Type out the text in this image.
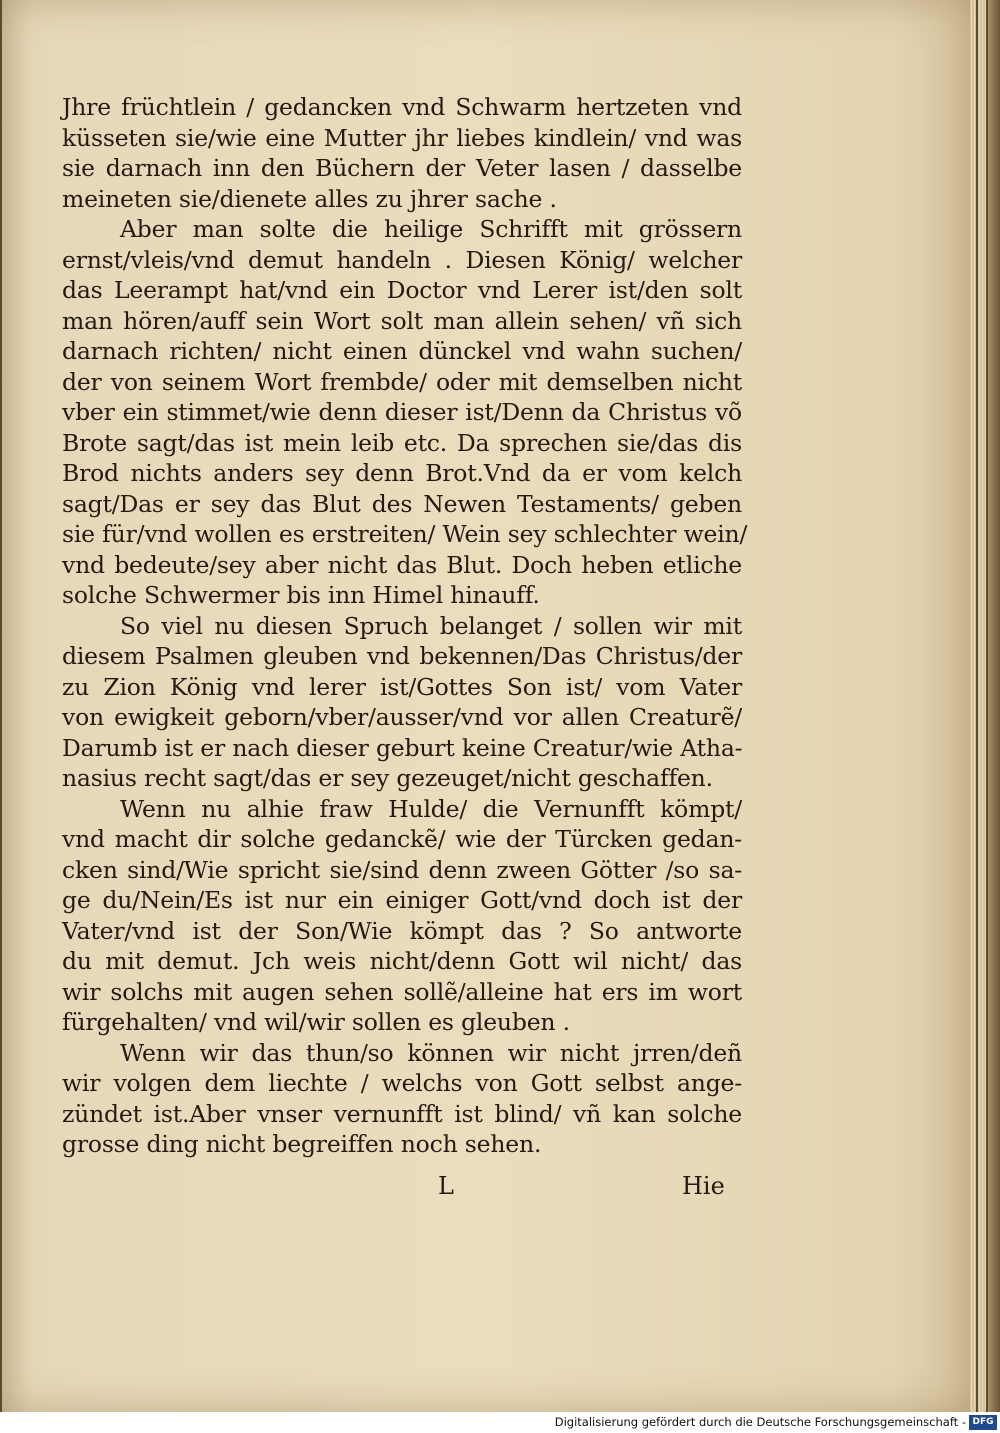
Jhre früchtlein / gedancken vnd Schwarm hertzeten vnd
küsseten sie/wie eine Mutter jhr liebes kindlein/ vnd was
sie darnach inn den Büchern der Veter lasen / dasselbe
meineten sie/dienete alles zu jhrer sache .
Aber man solte die heilige Schrifft mit grössern
ernst/vleis/vnd demut handeln . Diesen König/ welcher
das Leerampt hat/vnd ein Doctor vnd Lerer ist/den solt
man hören/auff sein Wort solt man allein sehen/ vñ sich
darnach richten/ nicht einen dünckel vnd wahn suchen/
der von seinem Wort frembde/ oder mit demselben nicht
vber ein stimmet/wie denn dieser ist/Denn da Christus võ
Brote sagt/das ist mein leib etc. Da sprechen sie/das dis
Brod nichts anders sey denn Brot.Vnd da er vom kelch
sagt/Das er sey das Blut des Newen Testaments/ geben
sie für/vnd wollen es erstreiten/ Wein sey schlechter wein/
vnd bedeute/sey aber nicht das Blut. Doch heben etliche
solche Schwermer bis inn Himel hinauff.
So viel nu diesen Spruch belanget / sollen wir mit
diesem Psalmen gleuben vnd bekennen/Das Christus/der
zu Zion König vnd lerer ist/Gottes Son ist/ vom Vater
von ewigkeit geborn/vber/ausser/vnd vor allen Creaturẽ/
Darumb ist er nach dieser geburt keine Creatur/wie Atha-
nasius recht sagt/das er sey gezeuget/nicht geschaffen.
Wenn nu alhie fraw Hulde/ die Vernunfft kömpt/
vnd macht dir solche gedanckẽ/ wie der Türcken gedan-
cken sind/Wie spricht sie/sind denn zween Götter /so sa-
ge du/Nein/Es ist nur ein einiger Gott/vnd doch ist der
Vater/vnd ist der Son/Wie kömpt das ? So antworte
du mit demut. Jch weis nicht/denn Gott wil nicht/ das
wir solchs mit augen sehen sollẽ/alleine hat ers im wort
fürgehalten/ vnd wil/wir sollen es gleuben .
Wenn wir das thun/so können wir nicht jrren/deñ
wir volgen dem liechte / welchs von Gott selbst ange-
zündet ist.Aber vnser vernunfft ist blind/ vñ kan solche
grosse ding nicht begreiffen noch sehen.
L	Hie
Digitalisierung gefördert durch die Deutsche Forschungsgemeinschaft - DFG
